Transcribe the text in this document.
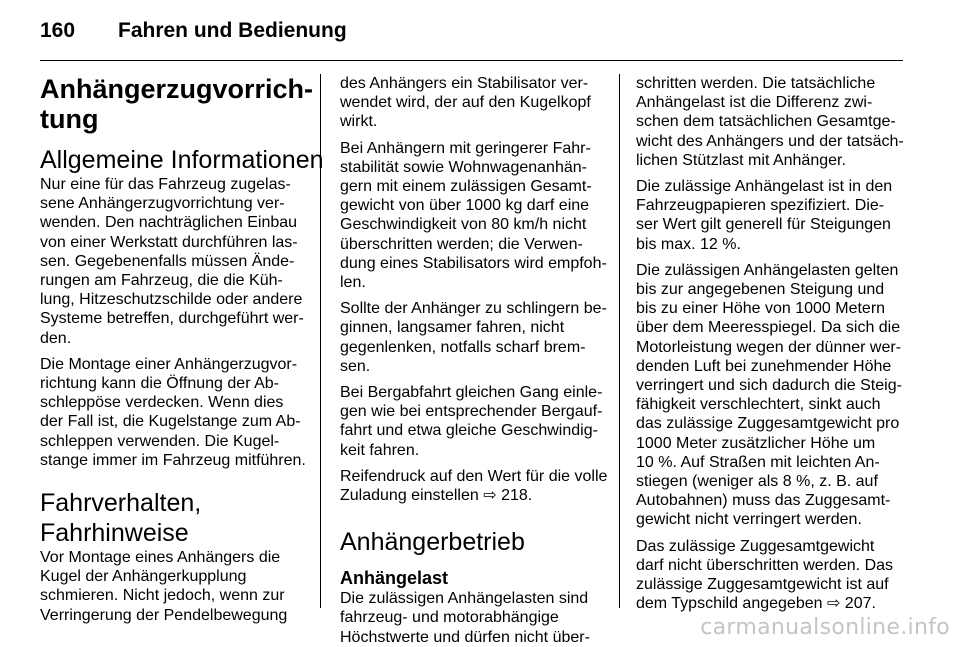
160 Fahren und Bedienung
Anhängerzugvorrich-
tung
Allgemeine Informationen
Nur eine für das Fahrzeug zugelas-
sene Anhängerzugvorrichtung ver-
wenden. Den nachträglichen Einbau
von einer Werkstatt durchführen las-
sen. Gegebenenfalls müssen Ände-
rungen am Fahrzeug, die die Küh-
lung, Hitzeschutzschilde oder andere
Systeme betreffen, durchgeführt wer-
den.
Die Montage einer Anhängerzugvor-
richtung kann die Öffnung der Ab-
schleppöse verdecken. Wenn dies
der Fall ist, die Kugelstange zum Ab-
schleppen verwenden. Die Kugel-
stange immer im Fahrzeug mitführen.
Fahrverhalten,
Fahrhinweise
Vor Montage eines Anhängers die
Kugel der Anhängerkupplung
schmieren. Nicht jedoch, wenn zur
Verringerung der Pendelbewegung
des Anhängers ein Stabilisator ver-
wendet wird, der auf den Kugelkopf
wirkt.
Bei Anhängern mit geringerer Fahr-
stabilität sowie Wohnwagenanhän-
gern mit einem zulässigen Gesamt-
gewicht von über 1000 kg darf eine
Geschwindigkeit von 80 km/h nicht
überschritten werden; die Verwen-
dung eines Stabilisators wird empfoh-
len.
Sollte der Anhänger zu schlingern be-
ginnen, langsamer fahren, nicht
gegenlenken, notfalls scharf brem-
sen.
Bei Bergabfahrt gleichen Gang einle-
gen wie bei entsprechender Bergauf-
fahrt und etwa gleiche Geschwindig-
keit fahren.
Reifendruck auf den Wert für die volle
Zuladung einstellen ⇨ 218.
Anhängerbetrieb
Anhängelast
Die zulässigen Anhängelasten sind
fahrzeug- und motorabhängige
Höchstwerte und dürfen nicht über-
schritten werden. Die tatsächliche
Anhängelast ist die Differenz zwi-
schen dem tatsächlichen Gesamtge-
wicht des Anhängers und der tatsäch-
lichen Stützlast mit Anhänger.
Die zulässige Anhängelast ist in den
Fahrzeugpapieren spezifiziert. Die-
ser Wert gilt generell für Steigungen
bis max. 12 %.
Die zulässigen Anhängelasten gelten
bis zur angegebenen Steigung und
bis zu einer Höhe von 1000 Metern
über dem Meeresspiegel. Da sich die
Motorleistung wegen der dünner wer-
denden Luft bei zunehmender Höhe
verringert und sich dadurch die Steig-
fähigkeit verschlechtert, sinkt auch
das zulässige Zuggesamtgewicht pro
1000 Meter zusätzlicher Höhe um
10 %. Auf Straßen mit leichten An-
stiegen (weniger als 8 %, z. B. auf
Autobahnen) muss das Zuggesamt-
gewicht nicht verringert werden.
Das zulässige Zuggesamtgewicht
darf nicht überschritten werden. Das
zulässige Zuggesamtgewicht ist auf
dem Typschild angegeben ⇨ 207.
carmanualsonline.info
